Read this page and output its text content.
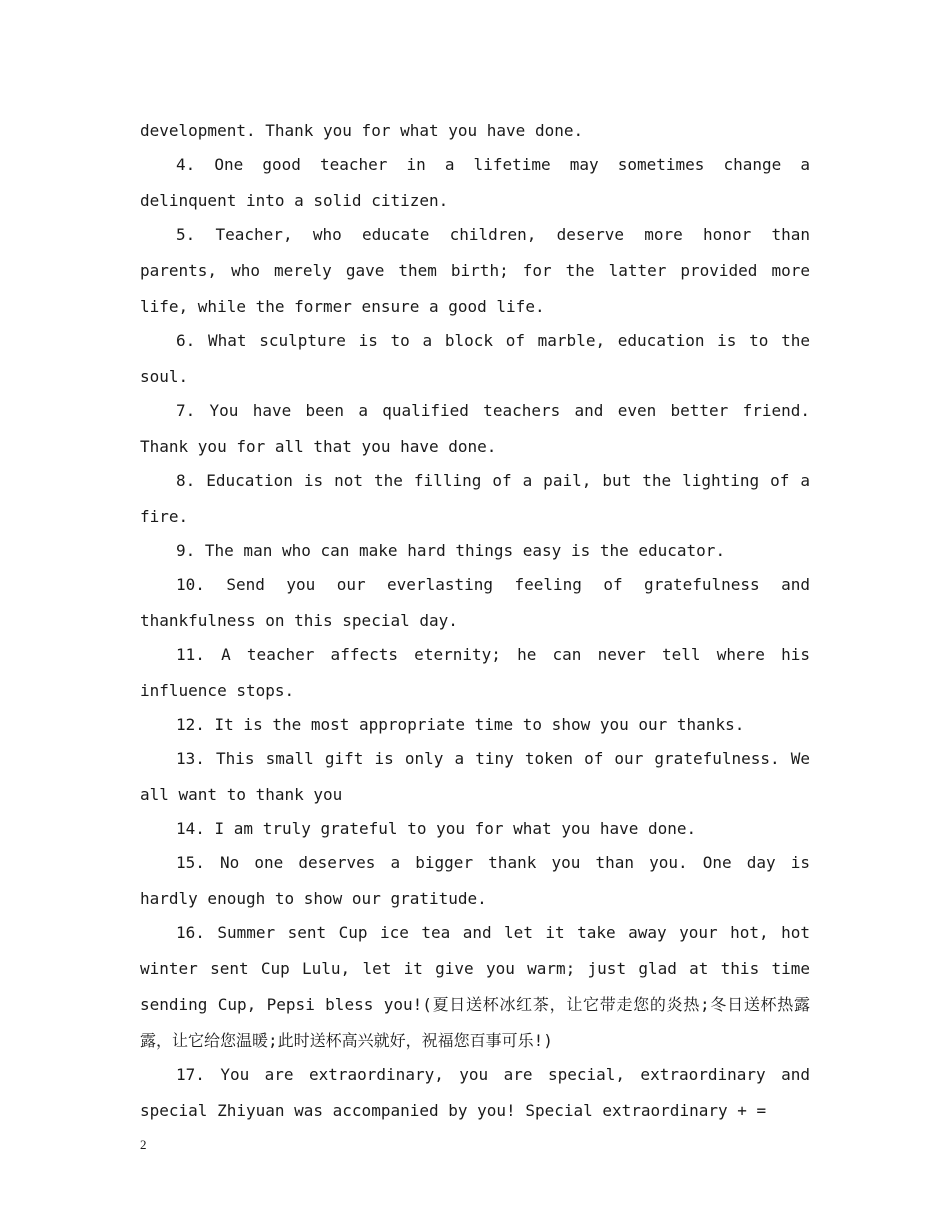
development. Thank you for what you have done.

4. One good teacher in a lifetime may sometimes change a delinquent into a solid citizen.

5. Teacher, who educate children, deserve more honor than parents, who merely gave them birth; for the latter provided more life, while the former ensure a good life.

6. What sculpture is to a block of marble, education is to the soul.

7. You have been a qualified teachers and even better friend. Thank you for all that you have done.

8. Education is not the filling of a pail, but the lighting of a fire.

9. The man who can make hard things easy is the educator.

10. Send you our everlasting feeling of gratefulness and thankfulness on this special day.

11. A teacher affects eternity; he can never tell where his influence stops.

12. It is the most appropriate time to show you our thanks.

13. This small gift is only a tiny token of our gratefulness. We all want to thank you

14. I am truly grateful to you for what you have done.

15. No one deserves a bigger thank you than you. One day is hardly enough to show our gratitude.

16. Summer sent Cup ice tea and let it take away your hot, hot winter sent Cup Lulu, let it give you warm; just glad at this time sending Cup, Pepsi bless you!(夏日送杯冰红茶，让它带走您的炎热;冬日送杯热露露，让它给您温暖;此时送杯高兴就好，祝福您百事可乐!)

17. You are extraordinary, you are special, extraordinary and special Zhiyuan was accompanied by you! Special extraordinary + =

2
